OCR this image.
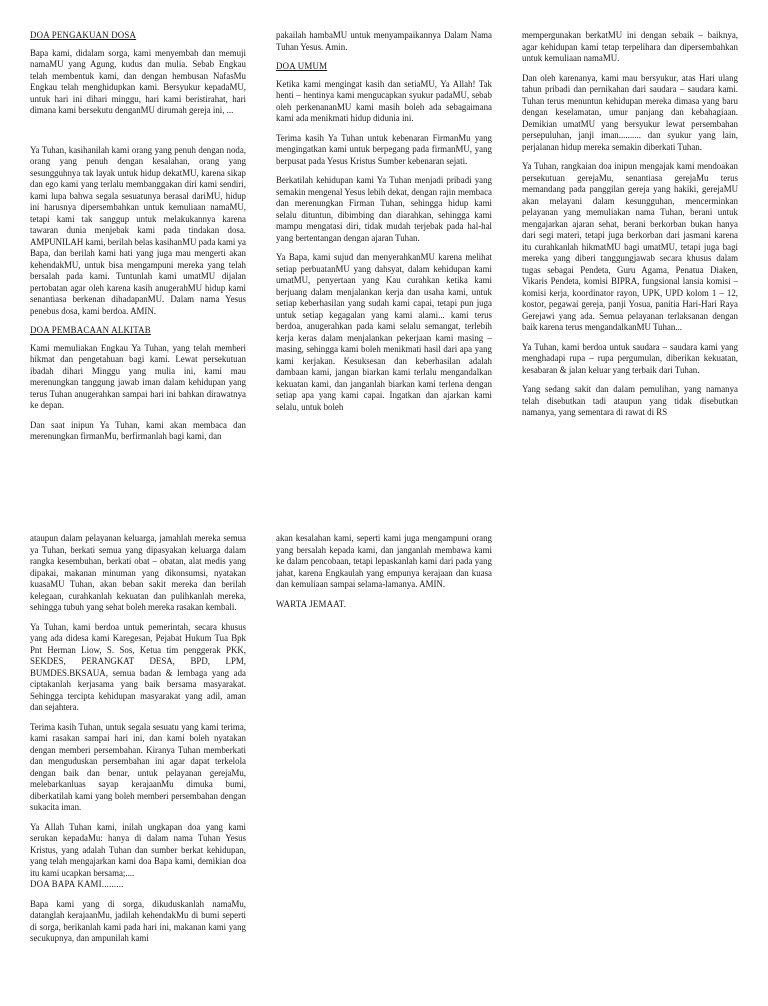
DOA PENGAKUAN DOSA

Bapa kami, didalam sorga, kami menyembah dan memuji namaMU yang Agung, kudus dan mulia. Sebab Engkau telah membentuk kami, dan dengan hembusan NafasMu Engkau telah menghidupkan kami. Bersyukur kepadaMU, untuk hari ini dihari minggu, hari kami beristirahat, hari dimana kami bersekutu denganMU dirumah gereja ini, ...

Ya Tuhan, kasihanilah kami orang yang penuh dengan noda, orang yang penuh dengan kesalahan, orang yang sesungguhnya tak layak untuk hidup dekatMU, karena sikap dan ego kami yang terlalu membanggakan diri kami sendiri, kami lupa bahwa segala sesuatunya berasal dariMU, hidup ini harusnya dipersembahkan untuk kemuliaan namaMU, tetapi kami tak sanggup untuk melakukannya karena tawaran dunia menjebak kami pada tindakan dosa. AMPUNILAH kami, berilah belas kasihanMU pada kami ya Bapa, dan berilah kami hati yang juga mau mengerti akan kehendakMU, untuk bisa mengampuni mereka yang telah bersalah pada kami. Tuntunlah kami umatMU dijalan pertobatan agar oleh karena kasih anugerahMU hidup kami senantiasa berkenan dihadapanMU. Dalam nama Yesus penebus dosa, kami berdoa. AMIN.

DOA PEMBACAAN ALKITAB

Kami memuliakan Engkau Ya Tuhan, yang telah memberi hikmat dan pengetahuan bagi kami. Lewat persekutuan ibadah dihari Minggu yang mulia ini, kami mau merenungkan tanggung jawab iman dalam kehidupan yang terus Tuhan anugerahkan sampai hari ini bahkan dirawatnya ke depan.

Dan saat inipun Ya Tuhan, kami akan membaca dan merenungkan firmanMu, berfirmanlah bagi kami, dan

pakailah hambaMU untuk menyampaikannya Dalam Nama Tuhan Yesus. Amin.

DOA UMUM

Ketika kami mengingat kasih dan setiaMU, Ya Allah! Tak henti – hentinya kami mengucapkan syukur padaMU, sebab oleh perkenananMU kami masih boleh ada sebagaimana kami ada menikmati hidup didunia ini.

Terima kasih Ya Tuhan untuk kebenaran FirmanMu yang mengingatkan kami untuk berpegang pada firmanMU, yang berpusat pada Yesus Kristus Sumber kebenaran sejati.

Berkatilah kehidupan kami Ya Tuhan menjadi pribadi yang semakin mengenal Yesus lebih dekat, dengan rajin membaca dan merenungkan Firman Tuhan, sehingga hidup kami selalu dituntun, dibimbing dan diarahkan, sehingga kami mampu mengatasi diri, tidak mudah terjebak pada hal-hal yang bertentangan dengan ajaran Tuhan.

Ya Bapa, kami sujud dan menyerahkanMU karena melihat setiap perbuatanMU yang dahsyat, dalam kehidupan kami umatMU, penyertaan yang Kau curahkan ketika kami berjuang dalam menjalankan kerja dan usaha kami, untuk setiap keberhasilan yang sudah kami capai, tetapi pun juga untuk setiap kegagalan yang kami alami... kami terus berdoa, anugerahkan pada kami selalu semangat, terlebih kerja keras dalam menjalankan pekerjaan kami masing – masing, sehingga kami boleh menikmati hasil dari apa yang kami kerjakan. Kesuksesan dan keberhasilan adalah dambaan kami, jangan biarkan kami terlalu mengandalkan kekuatan kami, dan janganlah biarkan kami terlena dengan setiap apa yang kami capai. Ingatkan dan ajarkan kami selalu, untuk boleh

mempergunakan berkatMU ini dengan sebaik – baiknya, agar kehidupan kami tetap terpelihara dan dipersembahkan untuk kemuliaan namaMU.

Dan oleh karenanya, kami mau bersyukur, atas Hari ulang tahun pribadi dan pernikahan dari saudara – saudara kami. Tuhan terus menuntun kehidupan mereka dimasa yang baru dengan keselamatan, umur panjang dan kebahagiaan. Demikian umatMU yang bersyukur lewat persembahan persepuluhan, janji iman.......... dan syukur yang lain, perjalanan hidup mereka semakin diberkati Tuhan.

Ya Tuhan, rangkaian doa inipun mengajak kami mendoakan persekutuan gerejaMu, senantiasa gerejaMu terus memandang pada panggilan gereja yang hakiki, gerejaMU akan melayani dalam kesungguhan, mencerminkan pelayanan yang memuliakan nama Tuhan, berani untuk mengajarkan ajaran sehat, berani berkorban bukan hanya dari segi materi, tetapi juga berkorban dari jasmani karena itu curahkanlah hikmatMU bagi umatMU, tetapi juga bagi mereka yang diberi tanggungjawab secara khusus dalam tugas sebagai Pendeta, Guru Agama, Penatua Diaken, Vikaris Pendeta, komisi BIPRA, fungsional lansia komisi – komisi kerja, koordinator rayon, UPK, UPD kolom 1 – 12, kostor, pegawai gereja, panji Yosua, panitia Hari-Hari Raya Gerejawi yang ada. Semua pelayanan terlaksanan dengan baik karena terus mengandalkanMU Tuhan...

Ya Tuhan, kami berdoa untuk saudara – saudara kami yang menghadapi rupa – rupa pergumulan, diberikan kekuatan, kesabaran & jalan keluar yang terbaik dari Tuhan.

Yang sedang sakit dan dalam pemulihan, yang namanya telah disebutkan tadi ataupun yang tidak disebutkan namanya, yang sementara di rawat di RS

ataupun dalam pelayanan keluarga, jamahlah mereka semua ya Tuhan, berkati semua yang dipasyakan keluarga dalam rangka kesembuhan, berkati obat – obatan, alat medis yang dipakai, makanan minuman yang dikonsumsi, nyatakan kuasaMU Tuhan, akan beban sakit mereka dan berilah kelegaan, curahkanlah kekuatan dan pulihkanlah mereka, sehingga tubuh yang sehat boleh mereka rasakan kembali.

Ya Tuhan, kami berdoa untuk pemerintah, secara khusus yang ada didesa kami Karegesan, Pejabat Hukum Tua Bpk Pnt Herman Liow, S. Sos, Ketua tim penggerak PKK, SEKDES, PERANGKAT DESA, BPD, LPM, BUMDES.BKSAUA, semua badan & lembaga yang ada ciptakanlah kerjasama yang baik bersama masyarakat. Sehingga tercipta kehidupan masyarakat yang adil, aman dan sejahtera.

Terima kasih Tuhan, untuk segala sesuatu yang kami terima, kami rasakan sampai hari ini, dan kami boleh nyatakan dengan memberi persembahan. Kiranya Tuhan memberkati dan menguduskan persembahan ini agar dapat terkelola dengan baik dan benar, untuk pelayanan gerejaMu, melebarkanluas sayap kerajaanMu dimuka bumi, diberkatilah kami yang boleh memberi persembahan dengan sukacita iman.

Ya Allah Tuhan kami, inilah ungkapan doa yang kami serukan kepadaMu: hanya di dalam nama Tuhan Yesus Kristus, yang adalah Tuhan dan sumber berkat kehidupan, yang telah mengajarkan kami doa Bapa kami, demikian doa itu kami ucapkan bersama;....

DOA BAPA KAMI.........

Bapa kami yang di sorga, dikuduskanlah namaMu, datanglah kerajaanMu, jadilah kehendakMu di bumi seperti di sorga, berikanlah kami pada hari ini, makanan kami yang secukupnya, dan ampunilah kami

akan kesalahan kami, seperti kami juga mengampuni orang yang bersalah kepada kami, dan janganlah membawa kami ke dalam pencobaan, tetapi lepaskanlah kami dari pada yang jahat, karena Engkaulah yang empunya kerajaan dan kuasa dan kemuliaan sampai selama-lamanya. AMIN.

WARTA JEMAAT.
